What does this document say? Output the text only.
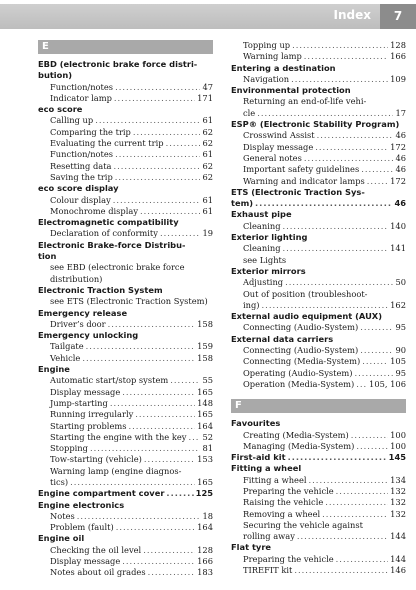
Index	7
E
EBD (electronic brake force distri-
bution)
Function/notes .....	47
Indicator lamp .....	171
eco score
Calling up .....	61
Comparing the trip .....	62
Evaluating the current trip .....	62
Function/notes .....	61
Resetting data .....	62
Saving the trip .....	62
eco score display
Colour display .....	61
Monochrome display .....	61
Electromagnetic compatibility
Declaration of conformity .....	19
Electronic Brake-force Distribu-
tion
see EBD (electronic brake force
distribution)
Electronic Traction System
see ETS (Electronic Traction System)
Emergency release
Driver’s door .....	158
Emergency unlocking
Tailgate .....	159
Vehicle .....	158
Engine
Automatic start/stop system .....	55
Display message .....	165
Jump-starting .....	148
Running irregularly .....	165
Starting problems .....	164
Starting the engine with the key ..... 52
Stopping .....	81
Tow-starting (vehicle) .....	153
Warning lamp (engine diagnos-
tics) .....	165
Engine compartment cover .....	125
Engine electronics
Notes .....	18
Problem (fault) .....	164
Engine oil
Checking the oil level .....	128
Display message .....	166
Notes about oil grades .....	183
Topping up .....	128
Warning lamp .....	166
Entering a destination
Navigation .....	109
Environmental protection
Returning an end-of-life vehi-
cle .....	17
ESP® (Electronic Stability Program)
Crosswind Assist .....	46
Display message .....	172
General notes .....	46
Important safety guidelines .....	46
Warning and indicator lamps .....	172
ETS (Electronic Traction Sys-
tem) .....	46
Exhaust pipe
Cleaning .....	140
Exterior lighting
Cleaning .....	141
see Lights
Exterior mirrors
Adjusting .....	50
Out of position (troubleshoot-
ing) .....	162
External audio equipment (AUX)
Connecting (Audio-System) .....	95
External data carriers
Connecting (Audio-System) .....	90
Connecting (Media-System) .....	105
Operating (Audio-System) .....	95
Operation (Media-System) ..... 105, 106
F
Favourites
Creating (Media-System) .....	100
Managing (Media-System) .....	100
First-aid kit .....	145
Fitting a wheel
Fitting a wheel .....	134
Preparing the vehicle .....	132
Raising the vehicle .....	132
Removing a wheel .....	132
Securing the vehicle against
rolling away .....	144
Flat tyre
Preparing the vehicle .....	144
TIREFIT kit .....	146
